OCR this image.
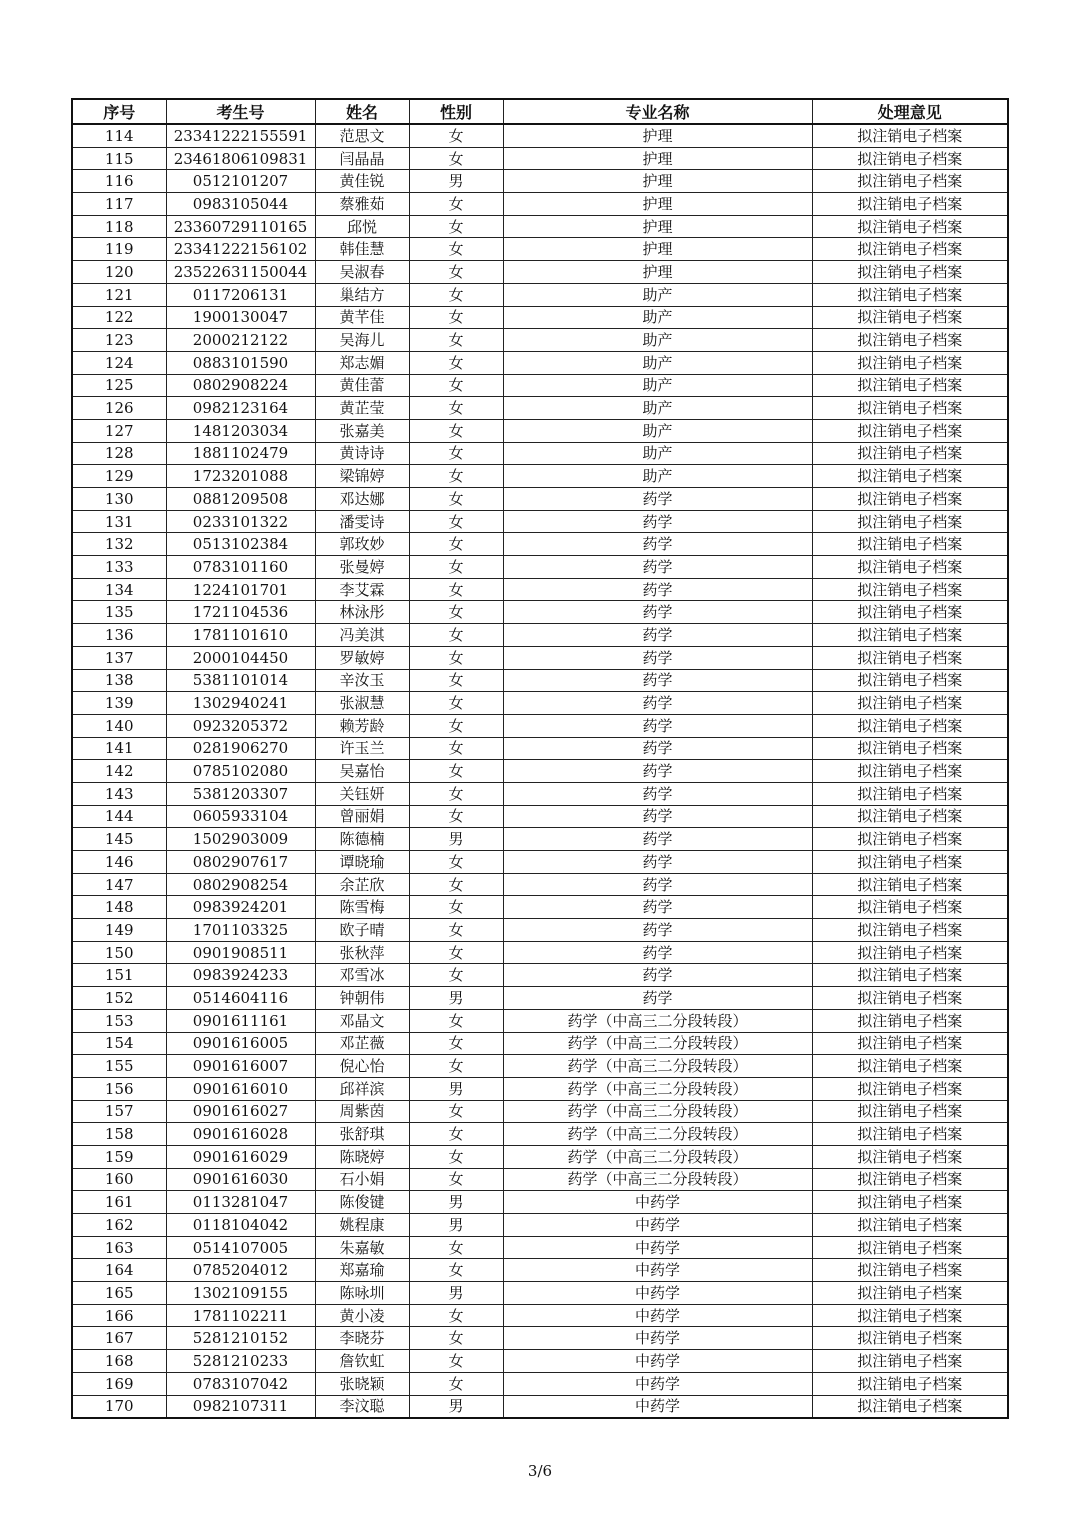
序号	考生号	姓名	性别	专业名称	处理意见
114	23341222155591	范思文	女	护理	拟注销电子档案
115	23461806109831	闫晶晶	女	护理	拟注销电子档案
116	0512101207	黄佳锐	男	护理	拟注销电子档案
117	0983105044	蔡雅茹	女	护理	拟注销电子档案
118	23360729110165	邱悦	女	护理	拟注销电子档案
119	23341222156102	韩佳慧	女	护理	拟注销电子档案
120	23522631150044	吴淑春	女	护理	拟注销电子档案
121	0117206131	巢结方	女	助产	拟注销电子档案
122	1900130047	黄芊佳	女	助产	拟注销电子档案
123	2000212122	吴海儿	女	助产	拟注销电子档案
124	0883101590	郑志媚	女	助产	拟注销电子档案
125	0802908224	黄佳蕾	女	助产	拟注销电子档案
126	0982123164	黄芷莹	女	助产	拟注销电子档案
127	1481203034	张嘉美	女	助产	拟注销电子档案
128	1881102479	黄诗诗	女	助产	拟注销电子档案
129	1723201088	梁锦婷	女	助产	拟注销电子档案
130	0881209508	邓达娜	女	药学	拟注销电子档案
131	0233101322	潘雯诗	女	药学	拟注销电子档案
132	0513102384	郭玫妙	女	药学	拟注销电子档案
133	0783101160	张曼婷	女	药学	拟注销电子档案
134	1224101701	李艾霖	女	药学	拟注销电子档案
135	1721104536	林泳彤	女	药学	拟注销电子档案
136	1781101610	冯美淇	女	药学	拟注销电子档案
137	2000104450	罗敏婷	女	药学	拟注销电子档案
138	5381101014	辛汝玉	女	药学	拟注销电子档案
139	1302940241	张淑慧	女	药学	拟注销电子档案
140	0923205372	赖芳龄	女	药学	拟注销电子档案
141	0281906270	许玉兰	女	药学	拟注销电子档案
142	0785102080	吴嘉怡	女	药学	拟注销电子档案
143	5381203307	关钰妍	女	药学	拟注销电子档案
144	0605933104	曾丽娟	女	药学	拟注销电子档案
145	1502903009	陈德楠	男	药学	拟注销电子档案
146	0802907617	谭晓瑜	女	药学	拟注销电子档案
147	0802908254	余芷欣	女	药学	拟注销电子档案
148	0983924201	陈雪梅	女	药学	拟注销电子档案
149	1701103325	欧子晴	女	药学	拟注销电子档案
150	0901908511	张秋萍	女	药学	拟注销电子档案
151	0983924233	邓雪冰	女	药学	拟注销电子档案
152	0514604116	钟朝伟	男	药学	拟注销电子档案
153	0901611161	邓晶文	女	药学（中高三二分段转段）	拟注销电子档案
154	0901616005	邓芷薇	女	药学（中高三二分段转段）	拟注销电子档案
155	0901616007	倪心怡	女	药学（中高三二分段转段）	拟注销电子档案
156	0901616010	邱祥滨	男	药学（中高三二分段转段）	拟注销电子档案
157	0901616027	周紫茵	女	药学（中高三二分段转段）	拟注销电子档案
158	0901616028	张舒琪	女	药学（中高三二分段转段）	拟注销电子档案
159	0901616029	陈晓婷	女	药学（中高三二分段转段）	拟注销电子档案
160	0901616030	石小娟	女	药学（中高三二分段转段）	拟注销电子档案
161	0113281047	陈俊键	男	中药学	拟注销电子档案
162	0118104042	姚程康	男	中药学	拟注销电子档案
163	0514107005	朱嘉敏	女	中药学	拟注销电子档案
164	0785204012	郑嘉瑜	女	中药学	拟注销电子档案
165	1302109155	陈咏圳	男	中药学	拟注销电子档案
166	1781102211	黄小凌	女	中药学	拟注销电子档案
167	5281210152	李晓芬	女	中药学	拟注销电子档案
168	5281210233	詹钦虹	女	中药学	拟注销电子档案
169	0783107042	张晓颖	女	中药学	拟注销电子档案
170	0982107311	李汶聪	男	中药学	拟注销电子档案
3/6
